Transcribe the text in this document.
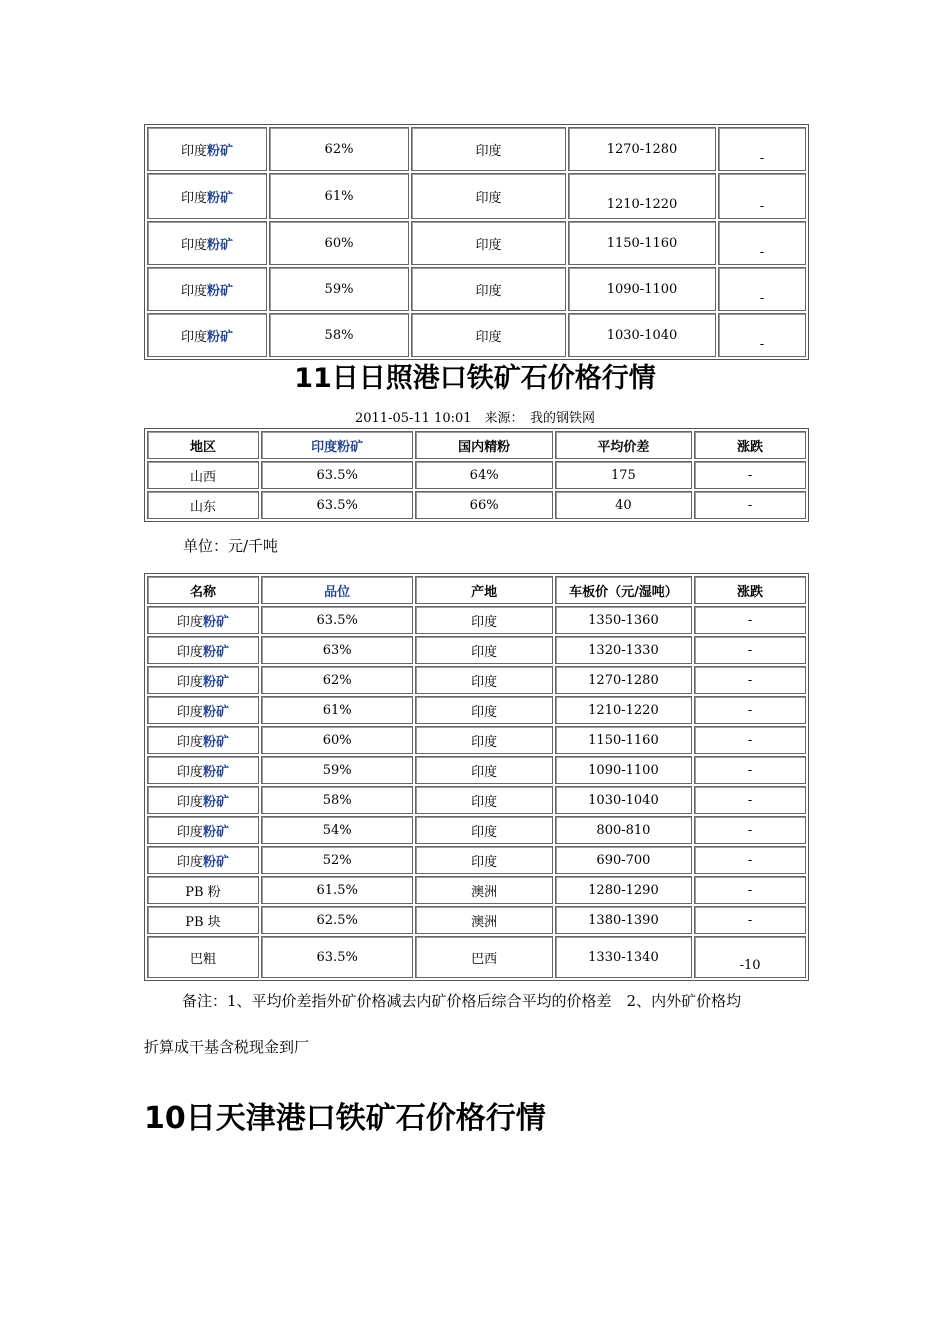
印度粉矿	62%	印度	1270-1280	-
印度粉矿	61%	印度	1210-1220	-
印度粉矿	60%	印度	1150-1160	-
印度粉矿	59%	印度	1090-1100	-
印度粉矿	58%	印度	1030-1040	-
11日日照港口铁矿石价格行情
2011-05-11 10:01　来源：　我的钢铁网
地区	印度粉矿	国内精粉	平均价差	涨跌
山西	63.5%	64%	175	-
山东	63.5%	66%	40	-
单位：元/千吨
名称	品位	产地	车板价（元/湿吨）	涨跌
印度粉矿	63.5%	印度	1350-1360	-
印度粉矿	63%	印度	1320-1330	-
印度粉矿	62%	印度	1270-1280	-
印度粉矿	61%	印度	1210-1220	-
印度粉矿	60%	印度	1150-1160	-
印度粉矿	59%	印度	1090-1100	-
印度粉矿	58%	印度	1030-1040	-
印度粉矿	54%	印度	800-810	-
印度粉矿	52%	印度	690-700	-
PB 粉	61.5%	澳洲	1280-1290	-
PB 块	62.5%	澳洲	1380-1390	-
巴粗	63.5%	巴西	1330-1340	-10
备注：1、平均价差指外矿价格减去内矿价格后综合平均的价格差　2、内外矿价格均
折算成干基含税现金到厂
10日天津港口铁矿石价格行情
